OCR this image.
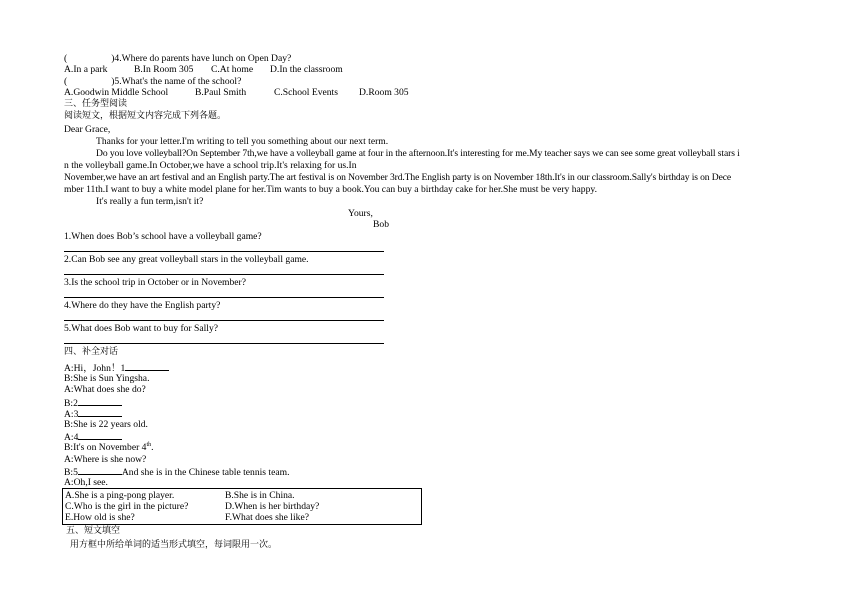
(	)4.Where do parents have lunch on Open Day?
A.In a park	B.In Room 305 C.At home D.In the classroom
(	)5.What's the name of the school?
A.Goodwin Middle School	B.Paul Smith	C.School Events D.Room 305
三、任务型阅读
阅读短文，根据短文内容完成下列各题。
Dear Grace,
Thanks for your letter.I'm writing to tell you something about our next term.
Do you love volleyball?On September 7th,we have a volleyball game at four in the afternoon.It's interesting for me.My teacher says we can see some great volleyball stars i
n the volleyball game.In October,we have a school trip.It's relaxing for us.In
November,we have an art festival and an English party.The art festival is on November 3rd.The English party is on November 18th.It's in our classroom.Sally's birthday is on Dece
mber 11th.I want to buy a white model plane for her.Tim wants to buy a book.You can buy a birthday cake for her.She must be very happy.
It's really a fun term,isn't it?
Yours,
Bob
1.When does Bob’s school have a volleyball game?
2.Can Bob see any great volleyball stars in the volleyball game.
3.Is the school trip in October or in November?
4.Where do they have the English party?
5.What does Bob want to buy for Sally?
四、补全对话
A:Hi，John！1
B:She is Sun Yingsha.
A:What does she do?
B:2
A:3
B:She is 22 years old.
A:4
B:It's on November 4th.
A:Where is she now?
B:5	And she is in the Chinese table tennis team.
A:Oh,I see.
A.She is a ping-pong player.	B.She is in China.
C.Who is the girl in the picture?	D.When is her birthday?
E.How old is she?	F.What does she like?
五、短文填空
用方框中所给单词的适当形式填空，每词限用一次。
